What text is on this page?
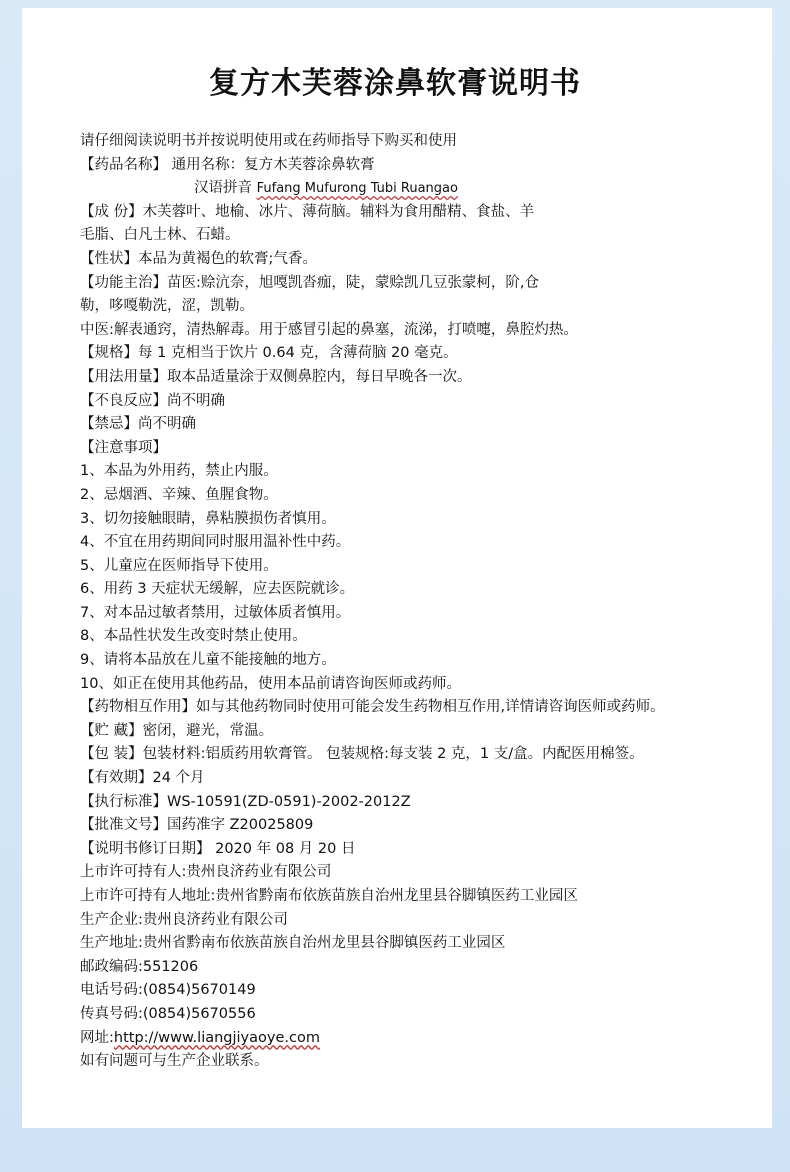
复方木芙蓉涂鼻软膏说明书
请仔细阅读说明书并按说明使用或在药师指导下购买和使用
【药品名称】 通用名称：复方木芙蓉涂鼻软膏
汉语拼音 Fufang Mufurong Tubi Ruangao
【成 份】木芙蓉叶、地榆、冰片、薄荷脑。辅料为食用醋精、食盐、羊
毛脂、白凡士林、石蜡。
【性状】本品为黄褐色的软膏;气香。
【功能主治】苗医:赊沆奈，旭嘎凯沓痂，陡，蒙赊凯几豆张蒙柯，阶,仓
勒，哆嘎勒洗，涩，凯勒。
中医:解表通窍，清热解毒。用于感冒引起的鼻塞，流涕，打喷嚏，鼻腔灼热。
【规格】每 1 克相当于饮片 0.64 克，含薄荷脑 20 毫克。
【用法用量】取本品适量涂于双侧鼻腔内，每日早晚各一次。
【不良反应】尚不明确
【禁忌】尚不明确
【注意事项】
1、本品为外用药，禁止内服。
2、忌烟酒、辛辣、鱼腥食物。
3、切勿接触眼睛，鼻粘膜损伤者慎用。
4、不宜在用药期间同时服用温补性中药。
5、儿童应在医师指导下使用。
6、用药 3 天症状无缓解，应去医院就诊。
7、对本品过敏者禁用，过敏体质者慎用。
8、本品性状发生改变时禁止使用。
9、请将本品放在儿童不能接触的地方。
10、如正在使用其他药品，使用本品前请咨询医师或药师。
【药物相互作用】如与其他药物同时使用可能会发生药物相互作用,详情请咨询医师或药师。
【贮 藏】密闭，避光，常温。
【包 装】包装材料:铝质药用软膏管。 包装规格:每支装 2 克，1 支/盒。内配医用棉签。
【有效期】24 个月
【执行标准】WS-10591(ZD-0591)-2002-2012Z
【批准文号】国药准字 Z20025809
【说明书修订日期】 2020 年 08 月 20 日
上市许可持有人:贵州良济药业有限公司
上市许可持有人地址:贵州省黔南布依族苗族自治州龙里县谷脚镇医药工业园区
生产企业:贵州良济药业有限公司
生产地址:贵州省黔南布依族苗族自治州龙里县谷脚镇医药工业园区
邮政编码:551206
电话号码:(0854)5670149
传真号码:(0854)5670556
网址:http://www.liangjiyaoye.com
如有问题可与生产企业联系。
